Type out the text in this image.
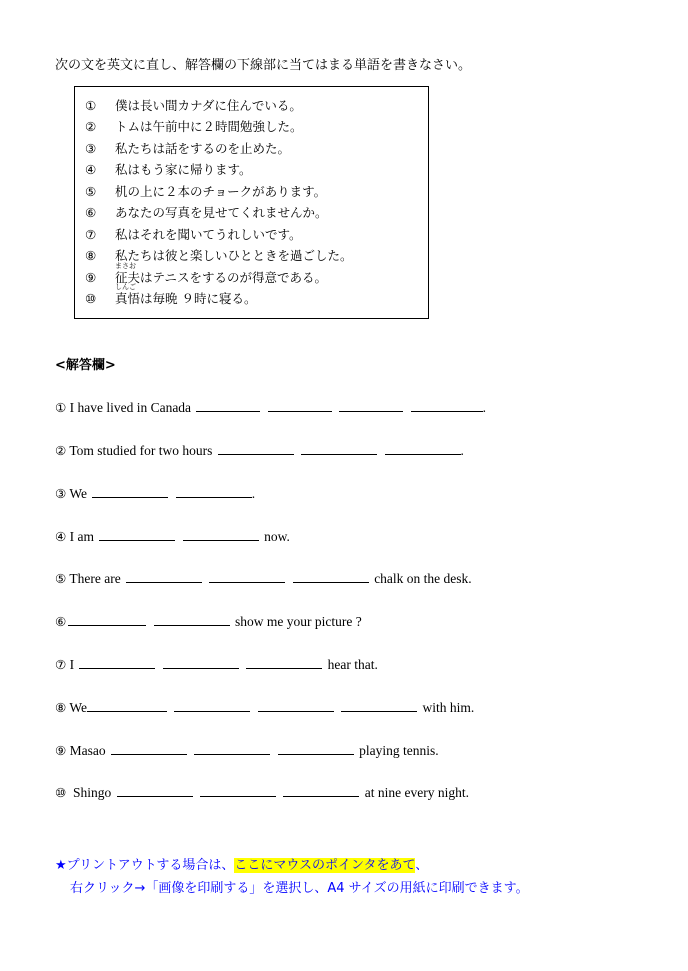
次の文を英文に直し、解答欄の下線部に当てはまる単語を書きなさい。
① 僕は長い間カナダに住んでいる。
② トムは午前中に２時間勉強した。
③ 私たちは話をするのを止めた。
④ 私はもう家に帰ります。
⑤ 机の上に２本のチョークがあります。
⑥ あなたの写真を見せてくれませんか。
⑦ 私はそれを聞いてうれしいです。
⑧ 私たちは彼と楽しいひとときを過ごした。
⑨
まさお
征夫はテニスをするのが得意である。
⑩
しんご
真悟は毎晩 ９時に寝る。
<解答欄>
① I have lived in Canada	.
② Tom studied for two hours	.
③ We	.
④ I am	now.
⑤ There are	chalk on the desk.
⑥	show me your picture ?
⑦ I	hear that.
⑧ We	with him.
⑨ Masao	playing tennis.
⑩  Shingo	at nine every night.
★プリントアウトする場合は、ここにマウスのポインタをあて、
右クリック→「画像を印刷する」を選択し、A4 サイズの用紙に印刷できます。
